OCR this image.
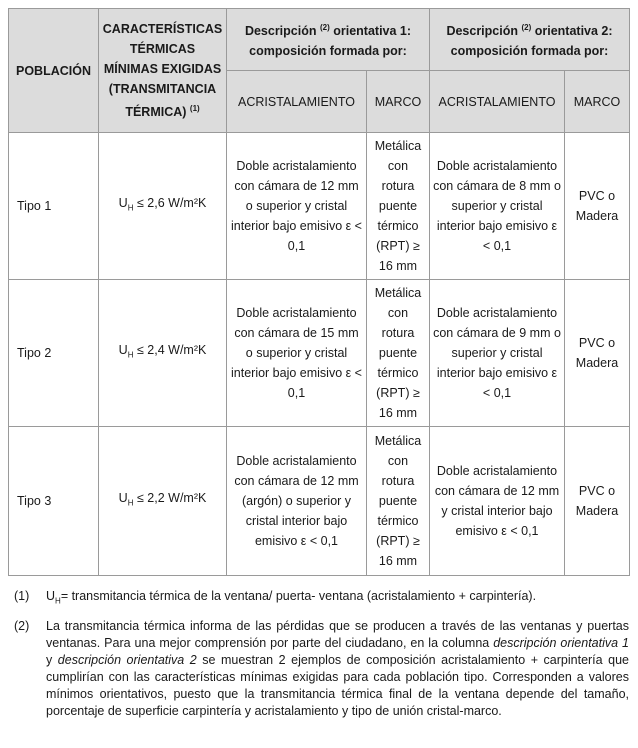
POBLACIÓN	CARACTERÍSTICAS TÉRMICAS MÍNIMAS EXIGIDAS (TRANSMITANCIA TÉRMICA) $^{(1)}$	Descripción $^{(2)}$ orientativa 1: composición formada por:		Descripción $^{(2)}$ orientativa 2: composición formada por:	
		ACRISTALAMIENTO	MARCO	ACRISTALAMIENTO	MARCO
Tipo 1	$U_H \le 2,6$ W/m²K	Doble acristalamiento con cámara de 12 mm o superior y cristal interior bajo emisivo ε < 0,1	Metálica con rotura puente térmico (RPT) ≥ 16 mm	Doble acristalamiento con cámara de 8 mm o superior y cristal interior bajo emisivo ε < 0,1	PVC o Madera
Tipo 2	$U_H \le 2,4$ W/m²K	Doble acristalamiento con cámara de 15 mm o superior y cristal interior bajo emisivo ε < 0,1	Metálica con rotura puente térmico (RPT) ≥ 16 mm	Doble acristalamiento con cámara de 9 mm o superior y cristal interior bajo emisivo ε < 0,1	PVC o Madera
Tipo 3	$U_H \le 2,2$ W/m²K	Doble acristalamiento con cámara de 12 mm (argón) o superior y cristal interior bajo emisivo ε < 0,1	Metálica con rotura puente térmico (RPT) ≥ 16 mm	Doble acristalamiento con cámara de 12 mm y cristal interior bajo emisivo ε < 0,1	PVC o Madera
(1)	$U_H=$ transmitancia térmica de la ventana/ puerta- ventana (acristalamiento + carpintería).
(2)	La transmitancia térmica informa de las pérdidas que se producen a través de las ventanas y puertas ventanas. Para una mejor comprensión por parte del ciudadano, en la columna descripción orientativa 1 y descripción orientativa 2 se muestran 2 ejemplos de composición acristalamiento + carpintería que cumplirían con las características mínimas exigidas para cada población tipo. Corresponden a valores mínimos orientativos, puesto que la transmitancia térmica final de la ventana depende del tamaño, porcentaje de superficie carpintería y acristalamiento y tipo de unión cristal-marco.
